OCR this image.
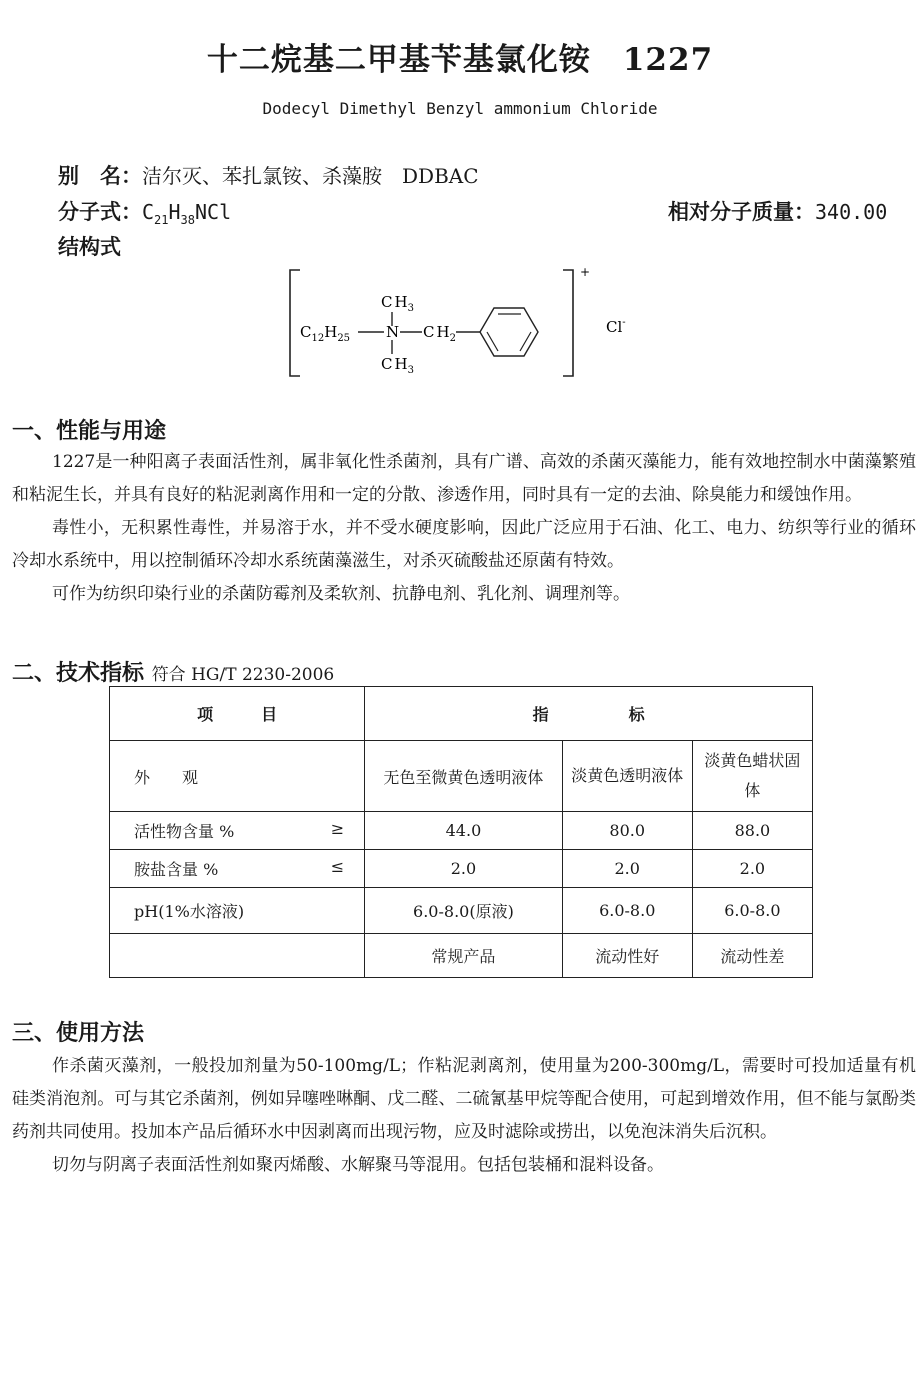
十二烷基二甲基苄基氯化铵　1227
Dodecyl Dimethyl Benzyl ammonium Chloride
别　名：洁尔灭、苯扎氯铵、杀藻胺　DDBAC
分子式：$C_{21}H_{38}NCl$	相对分子质量：340.00
结构式
+
C $H_3$
$C_{12}H_{25}$ N C $H_2$
C $H_3$
Cl-
一、性能与用途

1227是一种阳离子表面活性剂，属非氧化性杀菌剂，具有广谱、高效的杀菌灭藻能力，能有效地控制水中菌藻繁殖和粘泥生长，并具有良好的粘泥剥离作用和一定的分散、渗透作用，同时具有一定的去油、除臭能力和缓蚀作用。

毒性小，无积累性毒性，并易溶于水，并不受水硬度影响，因此广泛应用于石油、化工、电力、纺织等行业的循环冷却水系统中，用以控制循环冷却水系统菌藻滋生，对杀灭硫酸盐还原菌有特效。

可作为纺织印染行业的杀菌防霉剂及柔软剂、抗静电剂、乳化剂、调理剂等。

二、技术指标 符合 HG/T 2230-2006
项　　　目	指　　　　　标		
外　　观	无色至微黄色透明液体	淡黄色透明液体	淡黄色蜡状固体
活性物含量 % ≥	44.0	80.0	88.0
胺盐含量 % ≤	2.0	2.0	2.0
pH(1%水溶液)	6.0-8.0(原液)	6.0-8.0	6.0-8.0
	常规产品	流动性好	流动性差
三、使用方法

作杀菌灭藻剂，一般投加剂量为50-100mg/L；作粘泥剥离剂，使用量为200-300mg/L，需要时可投加适量有机硅类消泡剂。可与其它杀菌剂，例如异噻唑啉酮、戊二醛、二硫氰基甲烷等配合使用，可起到增效作用，但不能与氯酚类药剂共同使用。投加本产品后循环水中因剥离而出现污物，应及时滤除或捞出，以免泡沫消失后沉积。

切勿与阴离子表面活性剂如聚丙烯酸、水解聚马等混用。包括包装桶和混料设备。
